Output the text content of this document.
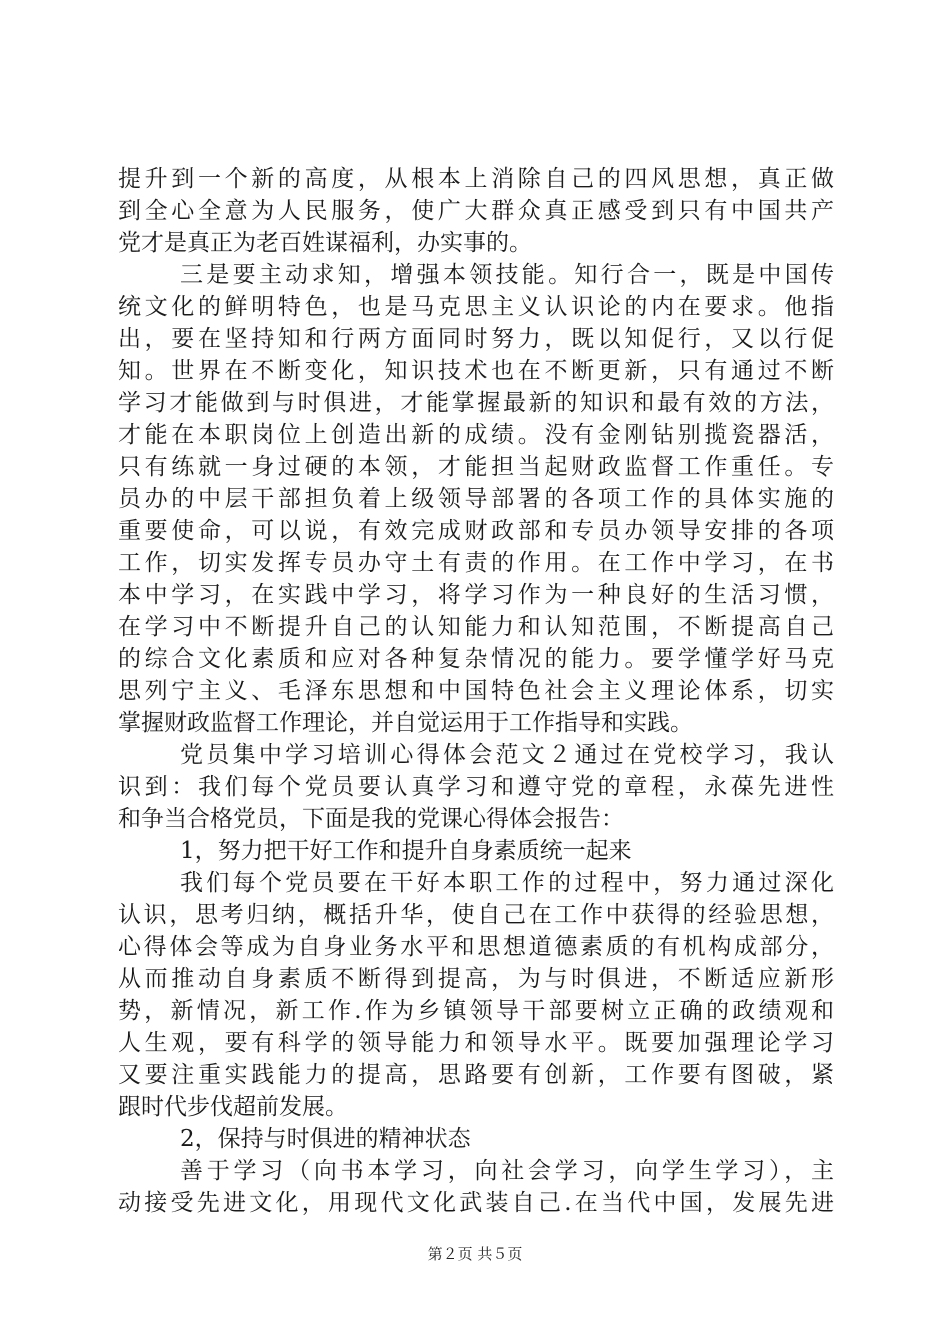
提升到一个新的高度，从根本上消除自己的四风思想，真正做
到全心全意为人民服务，使广大群众真正感受到只有中国共产
党才是真正为老百姓谋福利，办实事的。
三是要主动求知，增强本领技能。知行合一，既是中国传
统文化的鲜明特色，也是马克思主义认识论的内在要求。他指
出，要在坚持知和行两方面同时努力，既以知促行，又以行促
知。世界在不断变化，知识技术也在不断更新，只有通过不断
学习才能做到与时俱进，才能掌握最新的知识和最有效的方法，
才能在本职岗位上创造出新的成绩。没有金刚钻别揽瓷器活，
只有练就一身过硬的本领，才能担当起财政监督工作重任。专
员办的中层干部担负着上级领导部署的各项工作的具体实施的
重要使命，可以说，有效完成财政部和专员办领导安排的各项
工作，切实发挥专员办守土有责的作用。在工作中学习，在书
本中学习，在实践中学习，将学习作为一种良好的生活习惯，
在学习中不断提升自己的认知能力和认知范围，不断提高自己
的综合文化素质和应对各种复杂情况的能力。要学懂学好马克
思列宁主义、毛泽东思想和中国特色社会主义理论体系，切实
掌握财政监督工作理论，并自觉运用于工作指导和实践。
党员集中学习培训心得体会范文２通过在党校学习，我认
识到：我们每个党员要认真学习和遵守党的章程，永葆先进性
和争当合格党员，下面是我的党课心得体会报告：
1，努力把干好工作和提升自身素质统一起来
我们每个党员要在干好本职工作的过程中，努力通过深化
认识，思考归纳，概括升华，使自己在工作中获得的经验思想，
心得体会等成为自身业务水平和思想道德素质的有机构成部分，
从而推动自身素质不断得到提高，为与时俱进，不断适应新形
势，新情况，新工作.作为乡镇领导干部要树立正确的政绩观和
人生观，要有科学的领导能力和领导水平。既要加强理论学习
又要注重实践能力的提高，思路要有创新，工作要有图破，紧
跟时代步伐超前发展。
2，保持与时俱进的精神状态
善于学习（向书本学习，向社会学习，向学生学习），主
动接受先进文化，用现代文化武装自己.在当代中国，发展先进
第２页 共５页
